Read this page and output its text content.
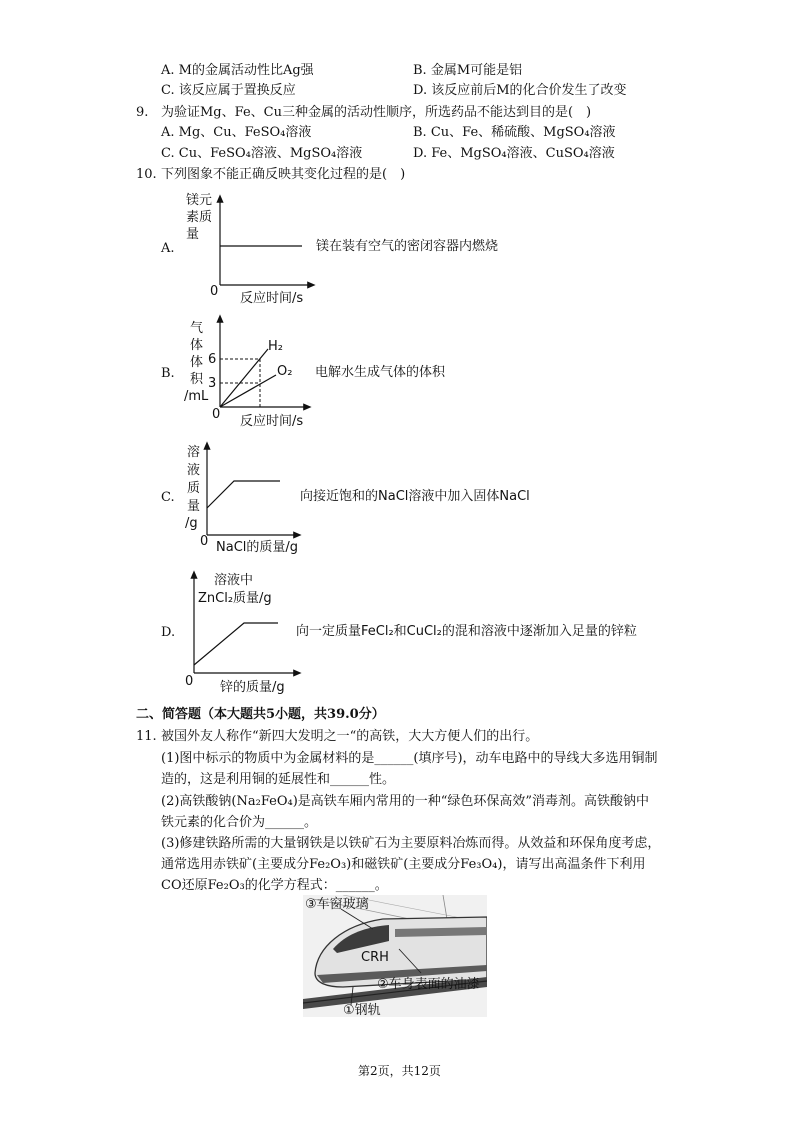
A. M的金属活动性比Ag强	B. 金属M可能是铝
C. 该反应属于置换反应	D. 该反应前后M的化合价发生了改变
9. 为验证Mg、Fe、Cu三种金属的活动性顺序，所选药品不能达到目的是(　)
A. Mg、Cu、FeSO₄溶液	B. Cu、Fe、稀硫酸、MgSO₄溶液
C. Cu、FeSO₄溶液、MgSO₄溶液	D. Fe、MgSO₄溶液、CuSO₄溶液
10. 下列图象不能正确反映其变化过程的是(　)
A.
镁元
素质
量
0 反应时间/s
镁在装有空气的密闭容器内燃烧
B.
6
3
H₂
O₂
气
体
体
积
/mL
0 反应时间/s
电解水生成气体的体积
C.
溶
液
质
量
/g
0 NaCl的质量/g
向接近饱和的NaCl溶液中加入固体NaCl
D.
溶液中
ZnCl₂质量/g
0 锌的质量/g
向一定质量FeCl₂和CuCl₂的混和溶液中逐渐加入足量的锌粒
二、简答题（本大题共5小题，共39.0分）
11. 被国外友人称作“新四大发明之一“的高铁，大大方便人们的出行。
(1)图中标示的物质中为金属材料的是______(填序号)，动车电路中的导线大多选用铜制造的，这是利用铜的延展性和______性。
(2)高铁酸钠(Na₂FeO₄)是高铁车厢内常用的一种“绿色环保高效”消毒剂。高铁酸钠中铁元素的化合价为______。
(3)修建铁路所需的大量钢铁是以铁矿石为主要原料冶炼而得。从效益和环保角度考虑，通常选用赤铁矿(主要成分Fe₂O₃)和磁铁矿(主要成分Fe₃O₄)，请写出高温条件下利用CO还原Fe₂O₃的化学方程式：______。
CRH
③车窗玻璃
②车身表面的油漆
①钢轨
第2页，共12页
